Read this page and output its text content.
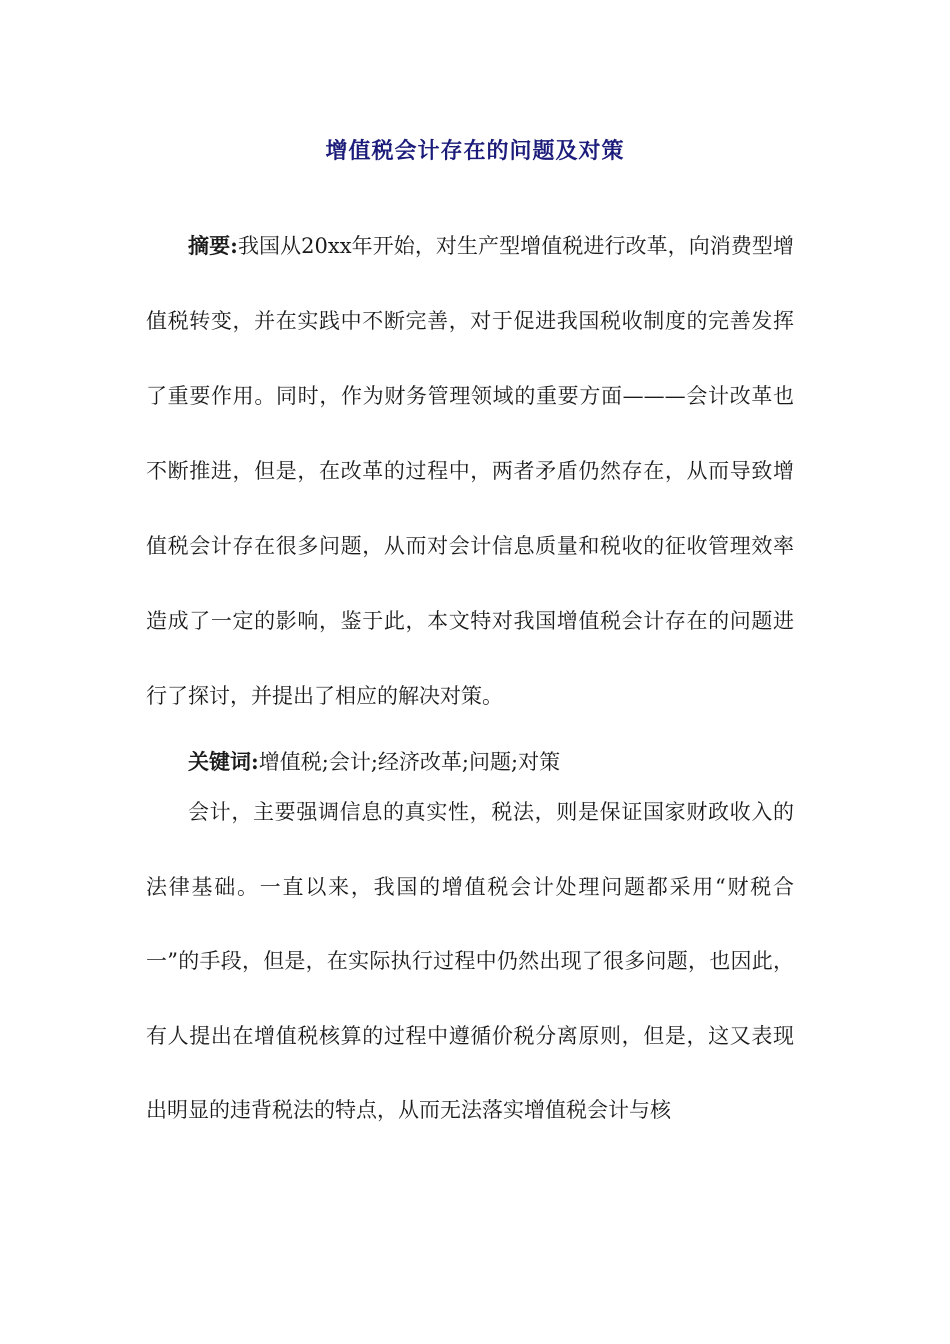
增值税会计存在的问题及对策

摘要:我国从20xx年开始，对生产型增值税进行改革，向消费型增值税转变，并在实践中不断完善，对于促进我国税收制度的完善发挥了重要作用。同时，作为财务管理领域的重要方面———会计改革也不断推进，但是，在改革的过程中，两者矛盾仍然存在，从而导致增值税会计存在很多问题，从而对会计信息质量和税收的征收管理效率造成了一定的影响，鉴于此，本文特对我国增值税会计存在的问题进行了探讨，并提出了相应的解决对策。

关键词:增值税;会计;经济改革;问题;对策

会计，主要强调信息的真实性，税法，则是保证国家财政收入的法律基础。一直以来，我国的增值税会计处理问题都采用“财税合一”的手段，但是，在实际执行过程中仍然出现了很多问题，也因此，有人提出在增值税核算的过程中遵循价税分离原则，但是，这又表现出明显的违背税法的特点，从而无法落实增值税会计与核
